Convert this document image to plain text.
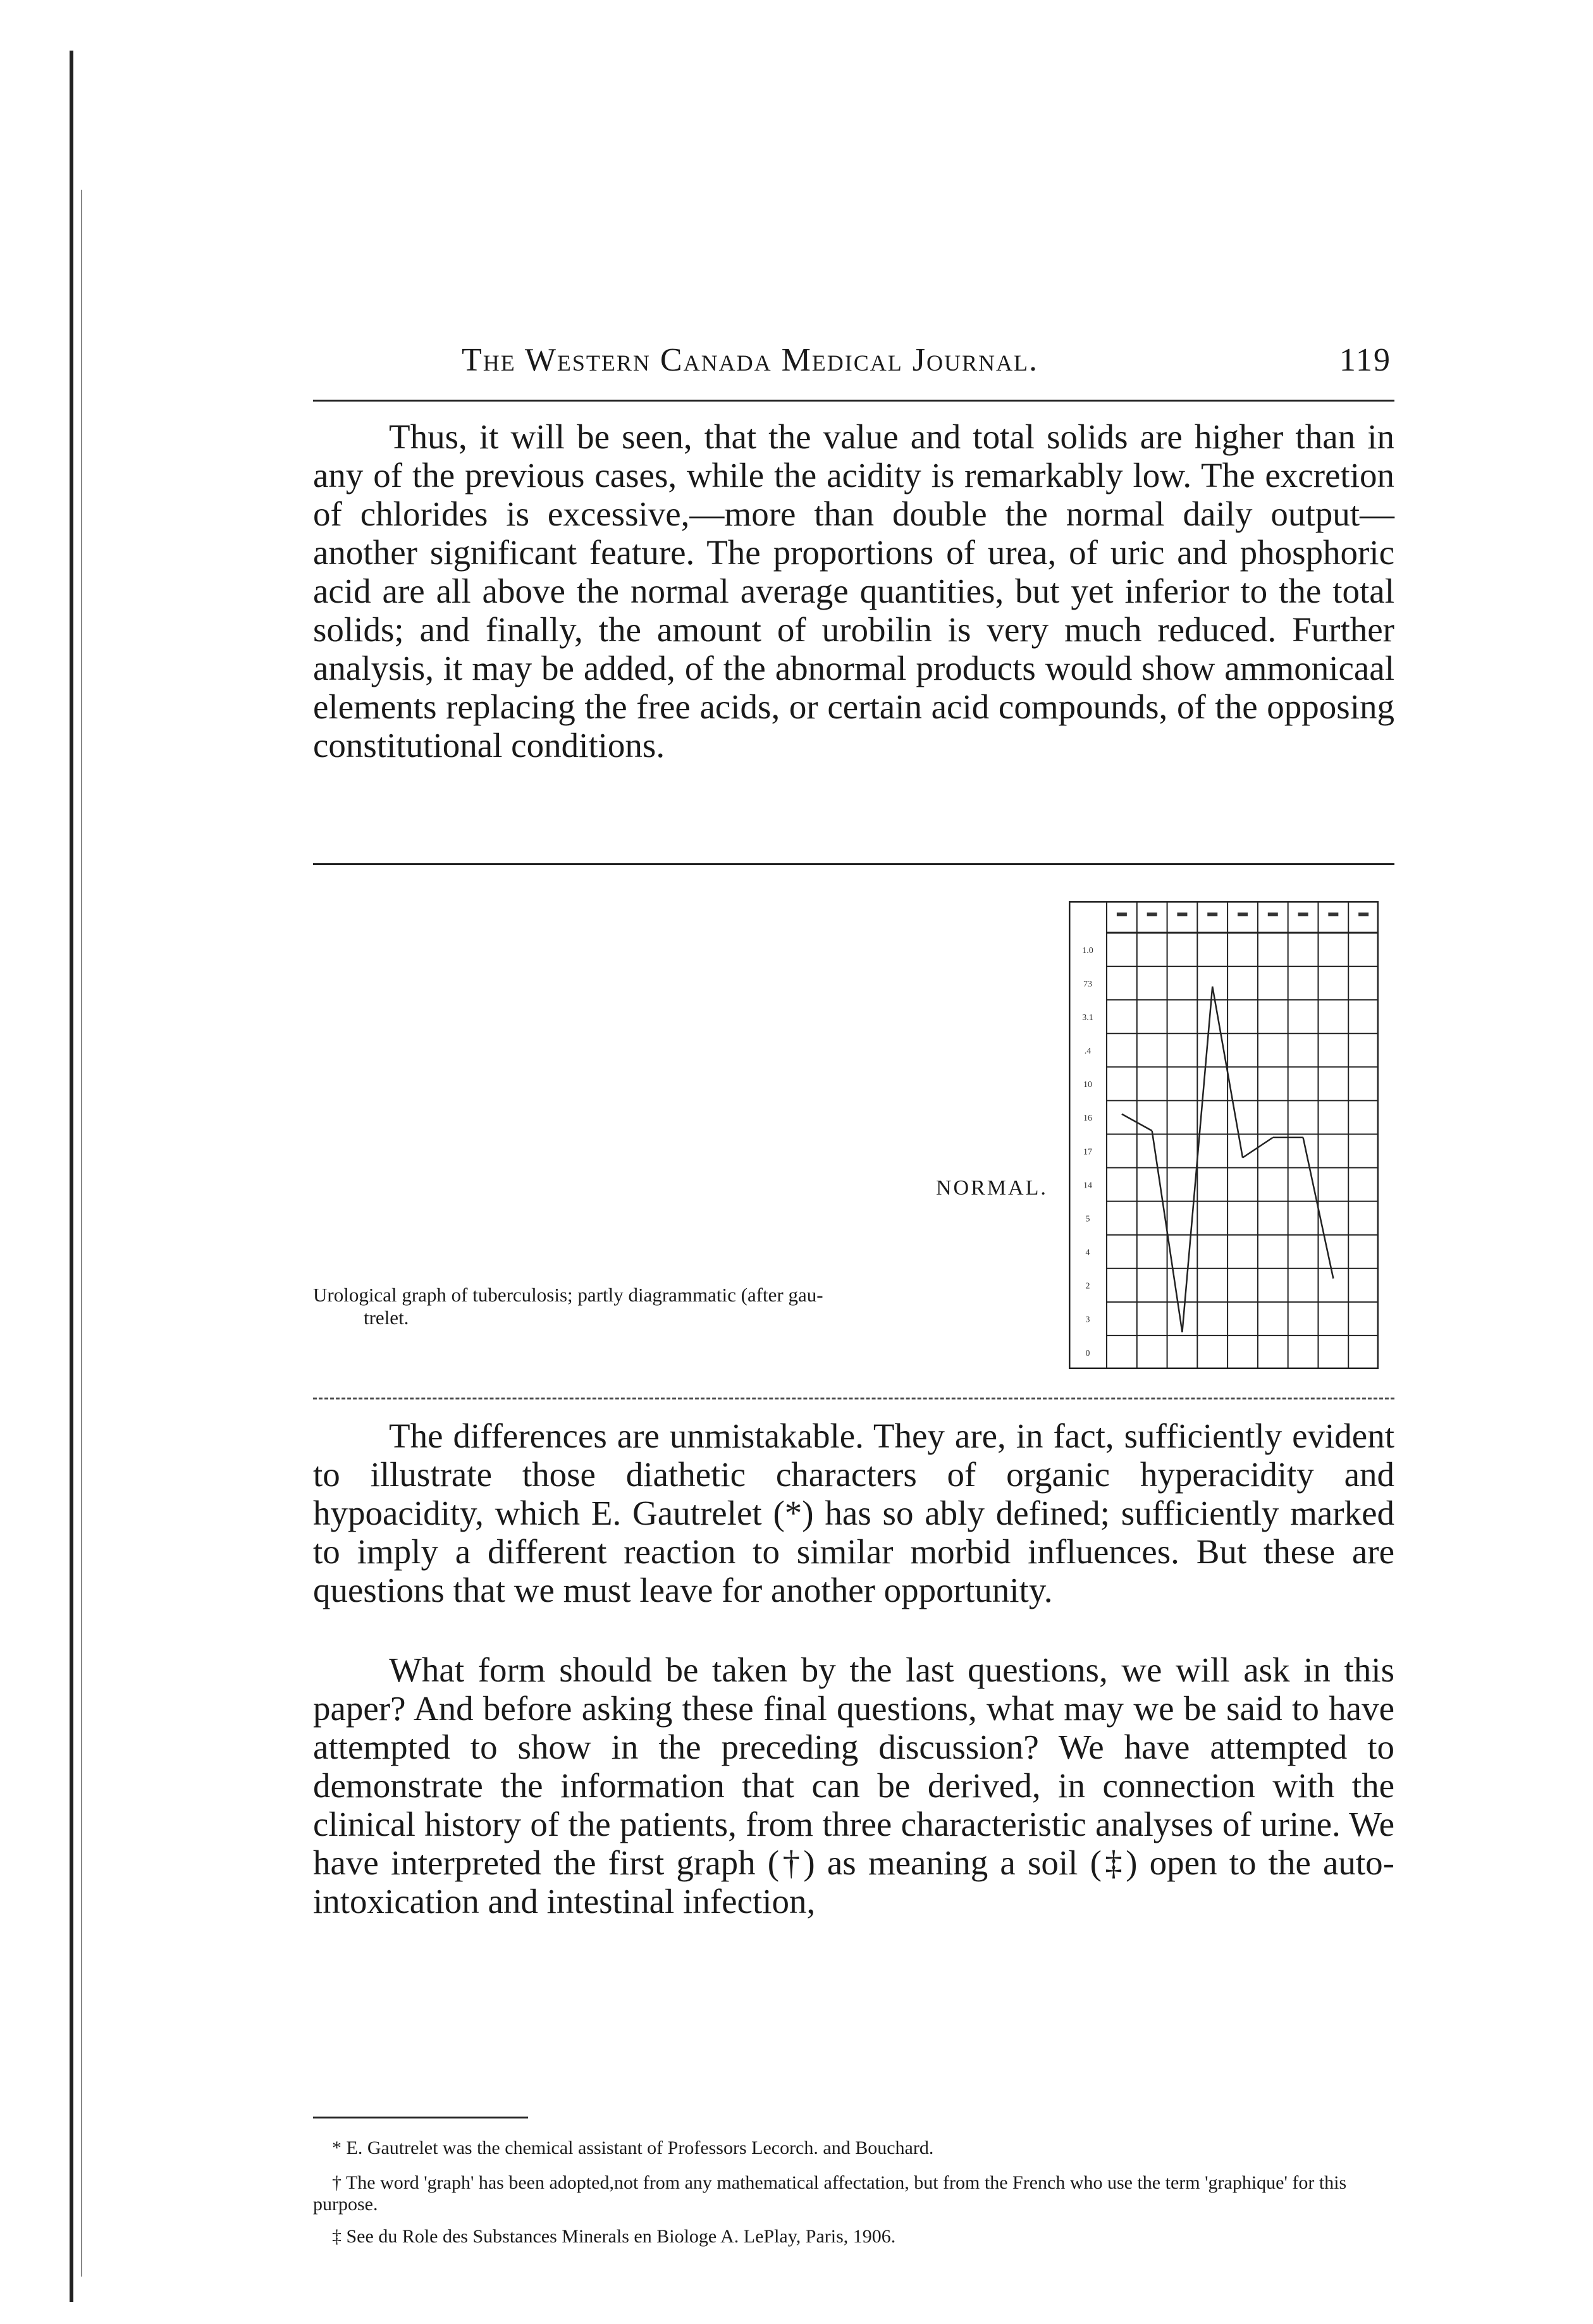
The Western Canada Medical Journal.	119

Thus, it will be seen, that the value and total solids are higher than in any of the previous cases, while the acidity is remarkably low. The excretion of chlorides is excessive,—more than double the normal daily output—another significant feature. The proportions of urea, of uric and phosphoric acid are all above the normal average quantities, but yet inferior to the total solids; and finally, the amount of urobilin is very much reduced. Further analysis, it may be added, of the abnormal products would show ammonicaal elements replacing the free acids, or certain acid compounds, of the opposing constitutional conditions.

NORMAL.
Urological graph of tuberculosis; partly diagrammatic (after gau-
trelet.
1.0
73
3.1
.4
10
16
17
14
5
4
2
3
0

The differences are unmistakable. They are, in fact, sufficiently evident to illustrate those diathetic characters of organic hyperacidity and hypoacidity, which E. Gautrelet (*) has so ably defined; sufficiently marked to imply a different reaction to similar morbid influences. But these are questions that we must leave for another opportunity.

What form should be taken by the last questions, we will ask in this paper? And before asking these final questions, what may we be said to have attempted to show in the preceding discussion? We have attempted to demonstrate the information that can be derived, in connection with the clinical history of the patients, from three characteristic analyses of urine. We have interpreted the first graph (†) as meaning a soil (‡) open to the auto-intoxication and intestinal infection,

* E. Gautrelet was the chemical assistant of Professors Lecorch. and Bouchard.

† The word 'graph' has been adopted,not from any mathematical affectation, but from the French who use the term 'graphique' for this purpose.

‡ See du Role des Substances Minerals en Biologe A. LePlay, Paris, 1906.
